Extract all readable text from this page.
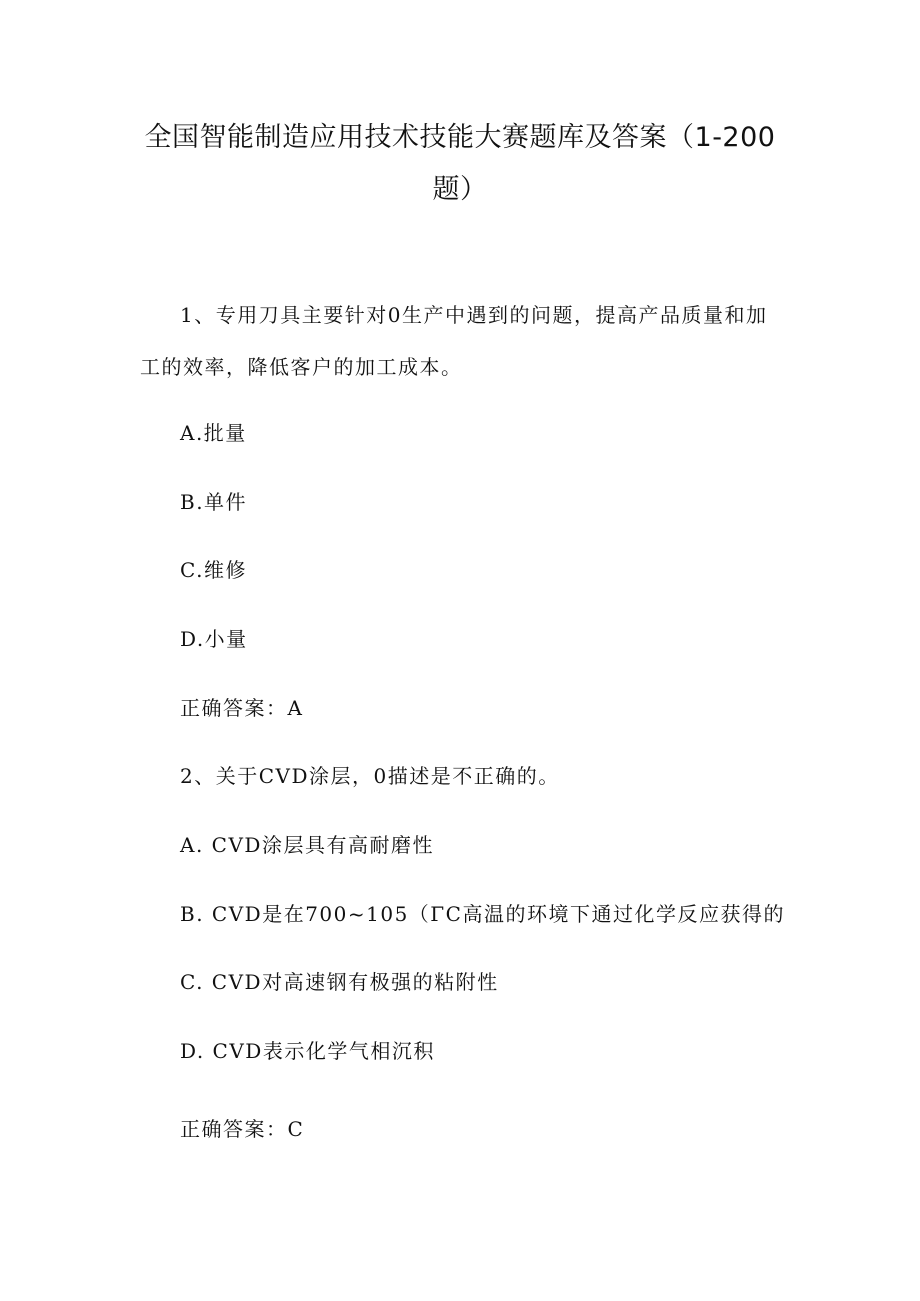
全国智能制造应用技术技能大赛题库及答案（1-200题）
1、专用刀具主要针对0生产中遇到的问题，提高产品质量和加工的效率，降低客户的加工成本。
A.批量
B.单件
C.维修
D.小量
正确答案：A
2、关于CVD涂层，0描述是不正确的。
A. CVD涂层具有高耐磨性
B. CVD是在700~105（ΓC高温的环境下通过化学反应获得的
C. CVD对高速钢有极强的粘附性
D. CVD表示化学气相沉积
正确答案：C
